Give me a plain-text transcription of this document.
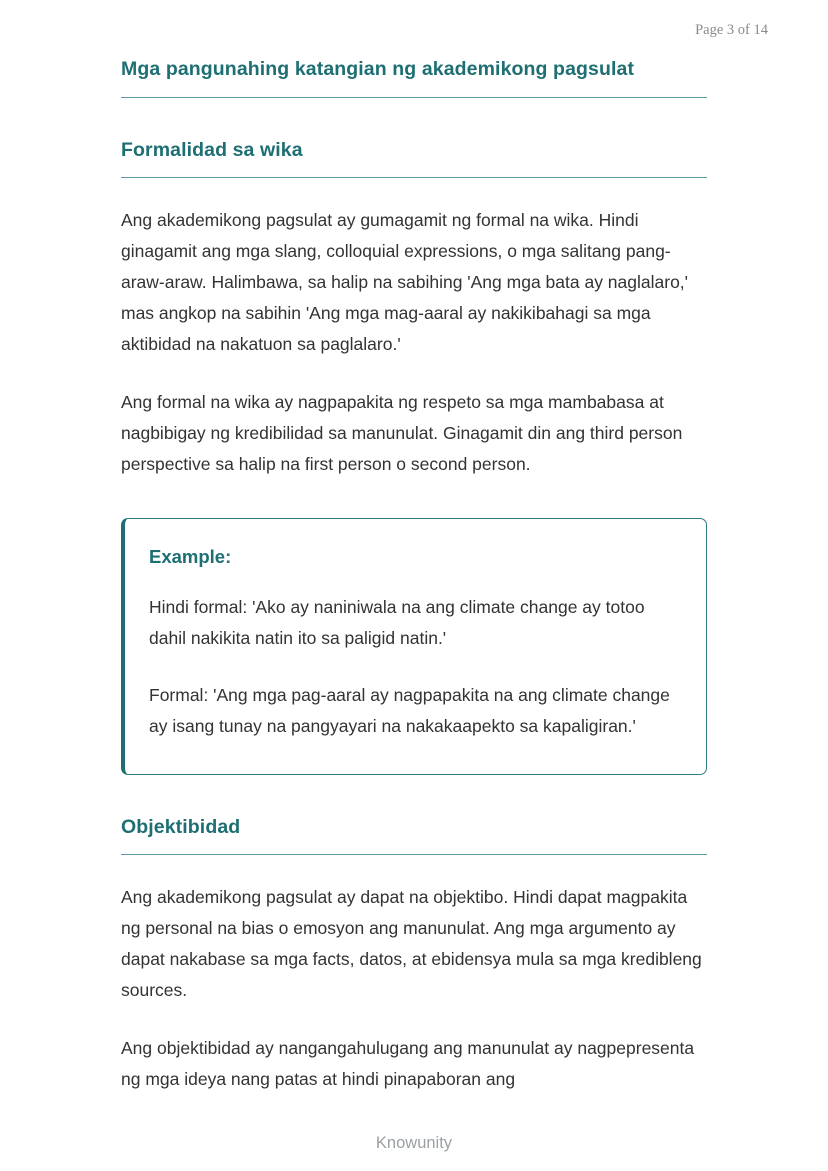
Page 3 of 14
Mga pangunahing katangian ng akademikong pagsulat
Formalidad sa wika

Ang akademikong pagsulat ay gumagamit ng formal na wika. Hindi ginagamit ang mga slang, colloquial expressions, o mga salitang pang-araw-araw. Halimbawa, sa halip na sabihing 'Ang mga bata ay naglalaro,' mas angkop na sabihin 'Ang mga mag-aaral ay nakikibahagi sa mga aktibidad na nakatuon sa paglalaro.'

Ang formal na wika ay nagpapakita ng respeto sa mga mambabasa at nagbibigay ng kredibilidad sa manunulat. Ginagamit din ang third person perspective sa halip na first person o second person.

Example:

Hindi formal: 'Ako ay naniniwala na ang climate change ay totoo dahil nakikita natin ito sa paligid natin.'

Formal: 'Ang mga pag-aaral ay nagpapakita na ang climate change ay isang tunay na pangyayari na nakakaapekto sa kapaligiran.'

Objektibidad

Ang akademikong pagsulat ay dapat na objektibo. Hindi dapat magpakita ng personal na bias o emosyon ang manunulat. Ang mga argumento ay dapat nakabase sa mga facts, datos, at ebidensya mula sa mga kredibleng sources.

Ang objektibidad ay nangangahulugang ang manunulat ay nagpepresenta ng mga ideya nang patas at hindi pinapaboran ang

Knowunity
